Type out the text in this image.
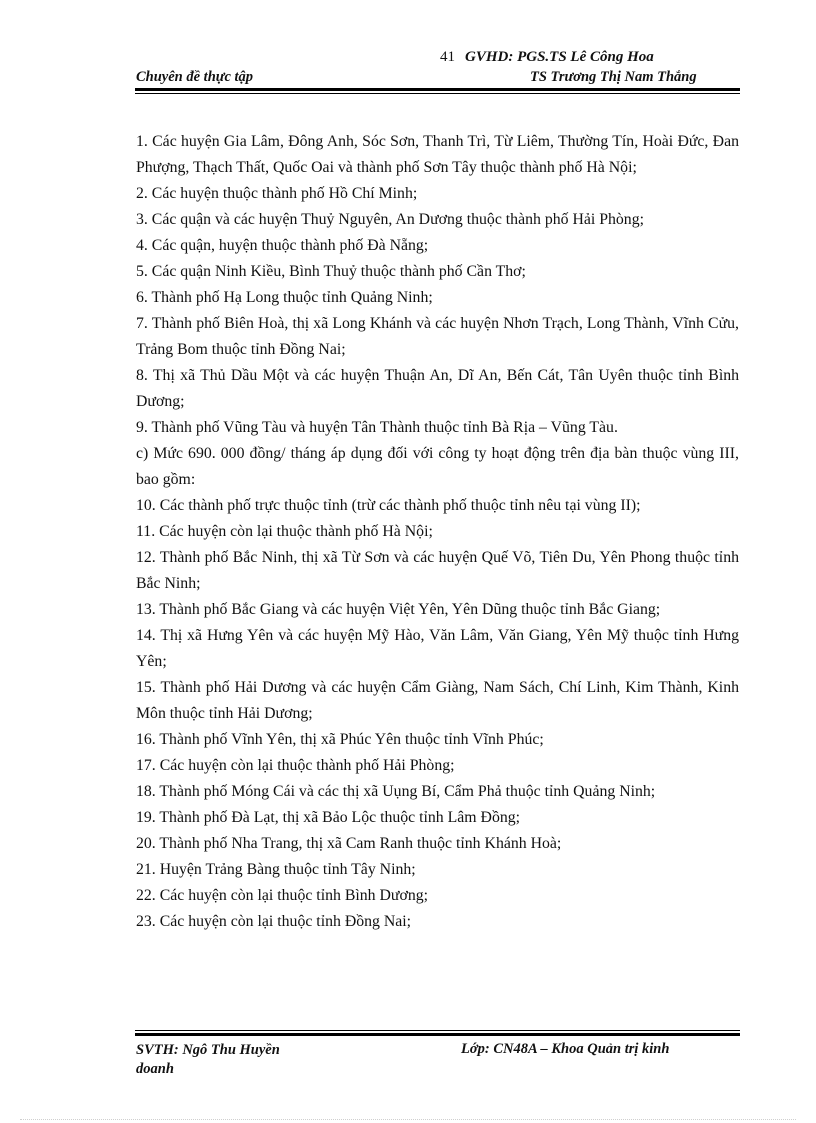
41 GVHD: PGS.TS Lê Công Hoa
Chuyên đề thực tập	TS Trương Thị Nam Thắng

1. Các huyện Gia Lâm, Đông Anh, Sóc Sơn, Thanh Trì, Từ Liêm, Thường Tín, Hoài Đức, Đan Phượng, Thạch Thất, Quốc Oai và thành phố Sơn Tây thuộc thành phố Hà Nội;

2. Các huyện thuộc thành phố Hồ Chí Minh;

3. Các quận và các huyện Thuỷ Nguyên, An Dương thuộc thành phố Hải Phòng;

4. Các quận, huyện thuộc thành phố Đà Nẵng;

5. Các quận Ninh Kiều, Bình Thuỷ thuộc thành phố Cần Thơ;

6. Thành phố Hạ Long thuộc tỉnh Quảng Ninh;

7. Thành phố Biên Hoà, thị xã Long Khánh và các huyện Nhơn Trạch, Long Thành, Vĩnh Cửu, Trảng Bom thuộc tỉnh Đồng Nai;

8. Thị xã Thủ Dầu Một và các huyện Thuận An, Dĩ An, Bến Cát, Tân Uyên thuộc tỉnh Bình Dương;

9. Thành phố Vũng Tàu và huyện Tân Thành thuộc tỉnh Bà Rịa – Vũng Tàu.

c) Mức 690. 000 đồng/ tháng áp dụng đối với công ty hoạt động trên địa bàn thuộc vùng III, bao gồm:

10. Các thành phố trực thuộc tỉnh (trừ các thành phố thuộc tỉnh nêu tại vùng II);

11. Các huyện còn lại thuộc thành phố Hà Nội;

12. Thành phố Bắc Ninh, thị xã Từ Sơn và các huyện Quế Võ, Tiên Du, Yên Phong thuộc tỉnh Bắc Ninh;

13. Thành phố Bắc Giang và các huyện Việt Yên, Yên Dũng thuộc tỉnh Bắc Giang;

14. Thị xã Hưng Yên và các huyện Mỹ Hào, Văn Lâm, Văn Giang, Yên Mỹ thuộc tỉnh Hưng Yên;

15. Thành phố Hải Dương và các huyện Cẩm Giàng, Nam Sách, Chí Linh, Kim Thành, Kinh Môn thuộc tỉnh Hải Dương;

16. Thành phố Vĩnh Yên, thị xã Phúc Yên thuộc tỉnh Vĩnh Phúc;

17. Các huyện còn lại thuộc thành phố Hải Phòng;

18. Thành phố Móng Cái và các thị xã Uụng Bí, Cẩm Phả thuộc tỉnh Quảng Ninh;

19. Thành phố Đà Lạt, thị xã Bảo Lộc thuộc tỉnh Lâm Đồng;

20. Thành phố Nha Trang, thị xã Cam Ranh thuộc tỉnh Khánh Hoà;

21. Huyện Trảng Bàng thuộc tỉnh Tây Ninh;

22. Các huyện còn lại thuộc tỉnh Bình Dương;

23. Các huyện còn lại thuộc tỉnh Đồng Nai;

SVTH: Ngô Thu Huyền
doanh
Lớp: CN48A – Khoa Quản trị kinh
